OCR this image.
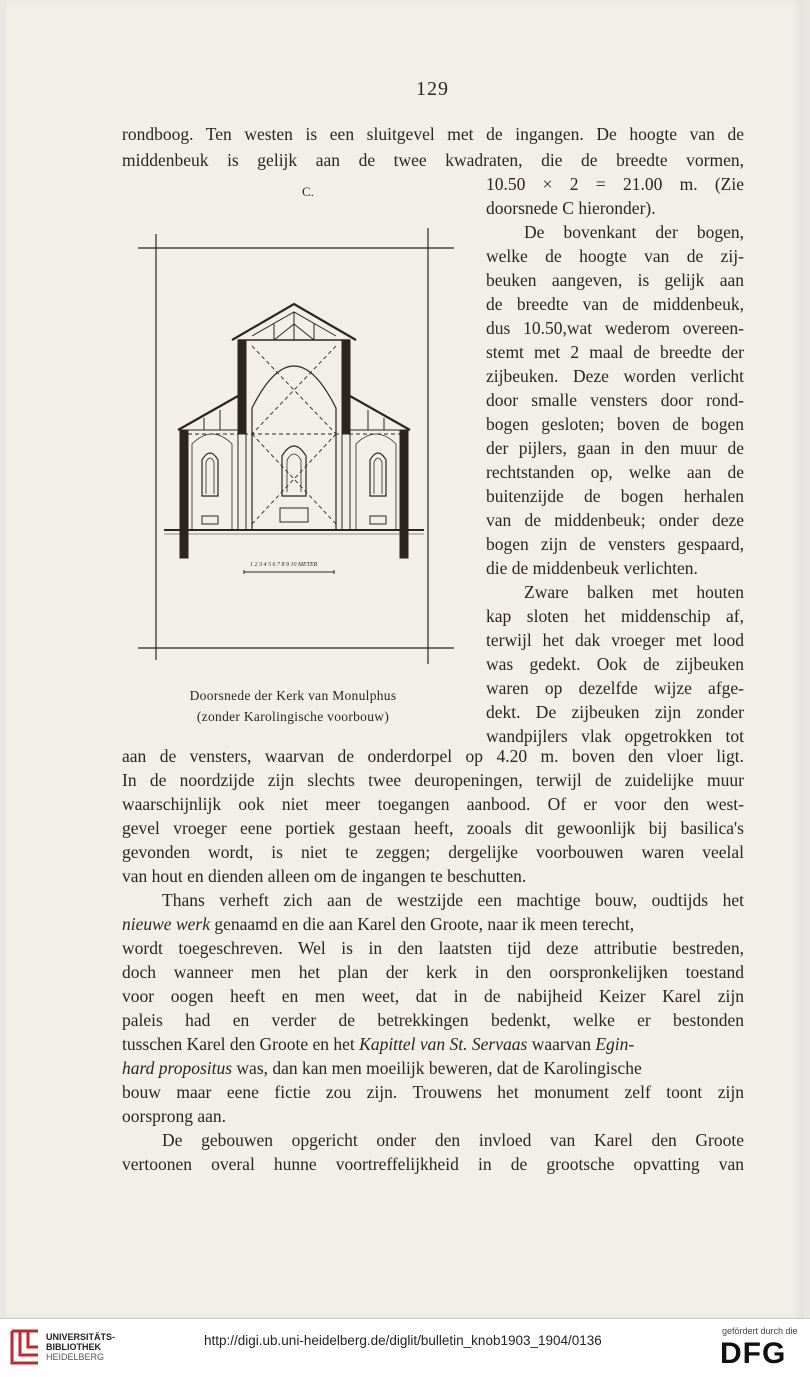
129
rondboog. Ten westen is een sluitgevel met de ingangen. De hoogte van de
middenbeuk is gelijk aan de twee kwadraten, die de breedte vormen,
10.50 × 2 = 21.00 m. (Zie
doorsnede C hieronder).
De bovenkant der bogen,
welke de hoogte van de zij-
beuken aangeven, is gelijk aan
de breedte van de middenbeuk,
dus 10.50,wat wederom overeen-
stemt met 2 maal de breedte der
zijbeuken. Deze worden verlicht
door smalle vensters door rond-
bogen gesloten; boven de bogen
der pijlers, gaan in den muur de
rechtstanden op, welke aan de
buitenzijde de bogen herhalen
van de middenbeuk; onder deze
bogen zijn de vensters gespaard,
die de middenbeuk verlichten.
Zware balken met houten
kap sloten het middenschip af,
terwijl het dak vroeger met lood
was gedekt. Ook de zijbeuken
waren op dezelfde wijze afge-
dekt. De zijbeuken zijn zonder
wandpijlers vlak opgetrokken tot
C.
1 2 3 4 5 6 7 8 9 10 METER
Doorsnede der Kerk van Monulphus
(zonder Karolingische voorbouw)
aan de vensters, waarvan de onderdorpel op 4.20 m. boven den vloer ligt.
In de noordzijde zijn slechts twee deuropeningen, terwijl de zuidelijke muur
waarschijnlijk ook niet meer toegangen aanbood. Of er voor den west-
gevel vroeger eene portiek gestaan heeft, zooals dit gewoonlijk bij basilica's
gevonden wordt, is niet te zeggen; dergelijke voorbouwen waren veelal
van hout en dienden alleen om de ingangen te beschutten.
Thans verheft zich aan de westzijde een machtige bouw, oudtijds het
nieuwe werk genaamd en die aan Karel den Groote, naar ik meen terecht,
wordt toegeschreven. Wel is in den laatsten tijd deze attributie bestreden,
doch wanneer men het plan der kerk in den oorspronkelijken toestand
voor oogen heeft en men weet, dat in de nabijheid Keizer Karel zijn
paleis had en verder de betrekkingen bedenkt, welke er bestonden
tusschen Karel den Groote en het Kapittel van St. Servaas waarvan Egin-
hard propositus was, dan kan men moeilijk beweren, dat de Karolingische
bouw maar eene fictie zou zijn. Trouwens het monument zelf toont zijn
oorsprong aan.
De gebouwen opgericht onder den invloed van Karel den Groote
vertoonen overal hunne voortreffelijkheid in de grootsche opvatting van
UNIVERSITÄTS-
BIBLIOTHEK
HEIDELBERG
http://digi.ub.uni-heidelberg.de/diglit/bulletin_knob1903_1904/0136
gefördert durch die
DFG
